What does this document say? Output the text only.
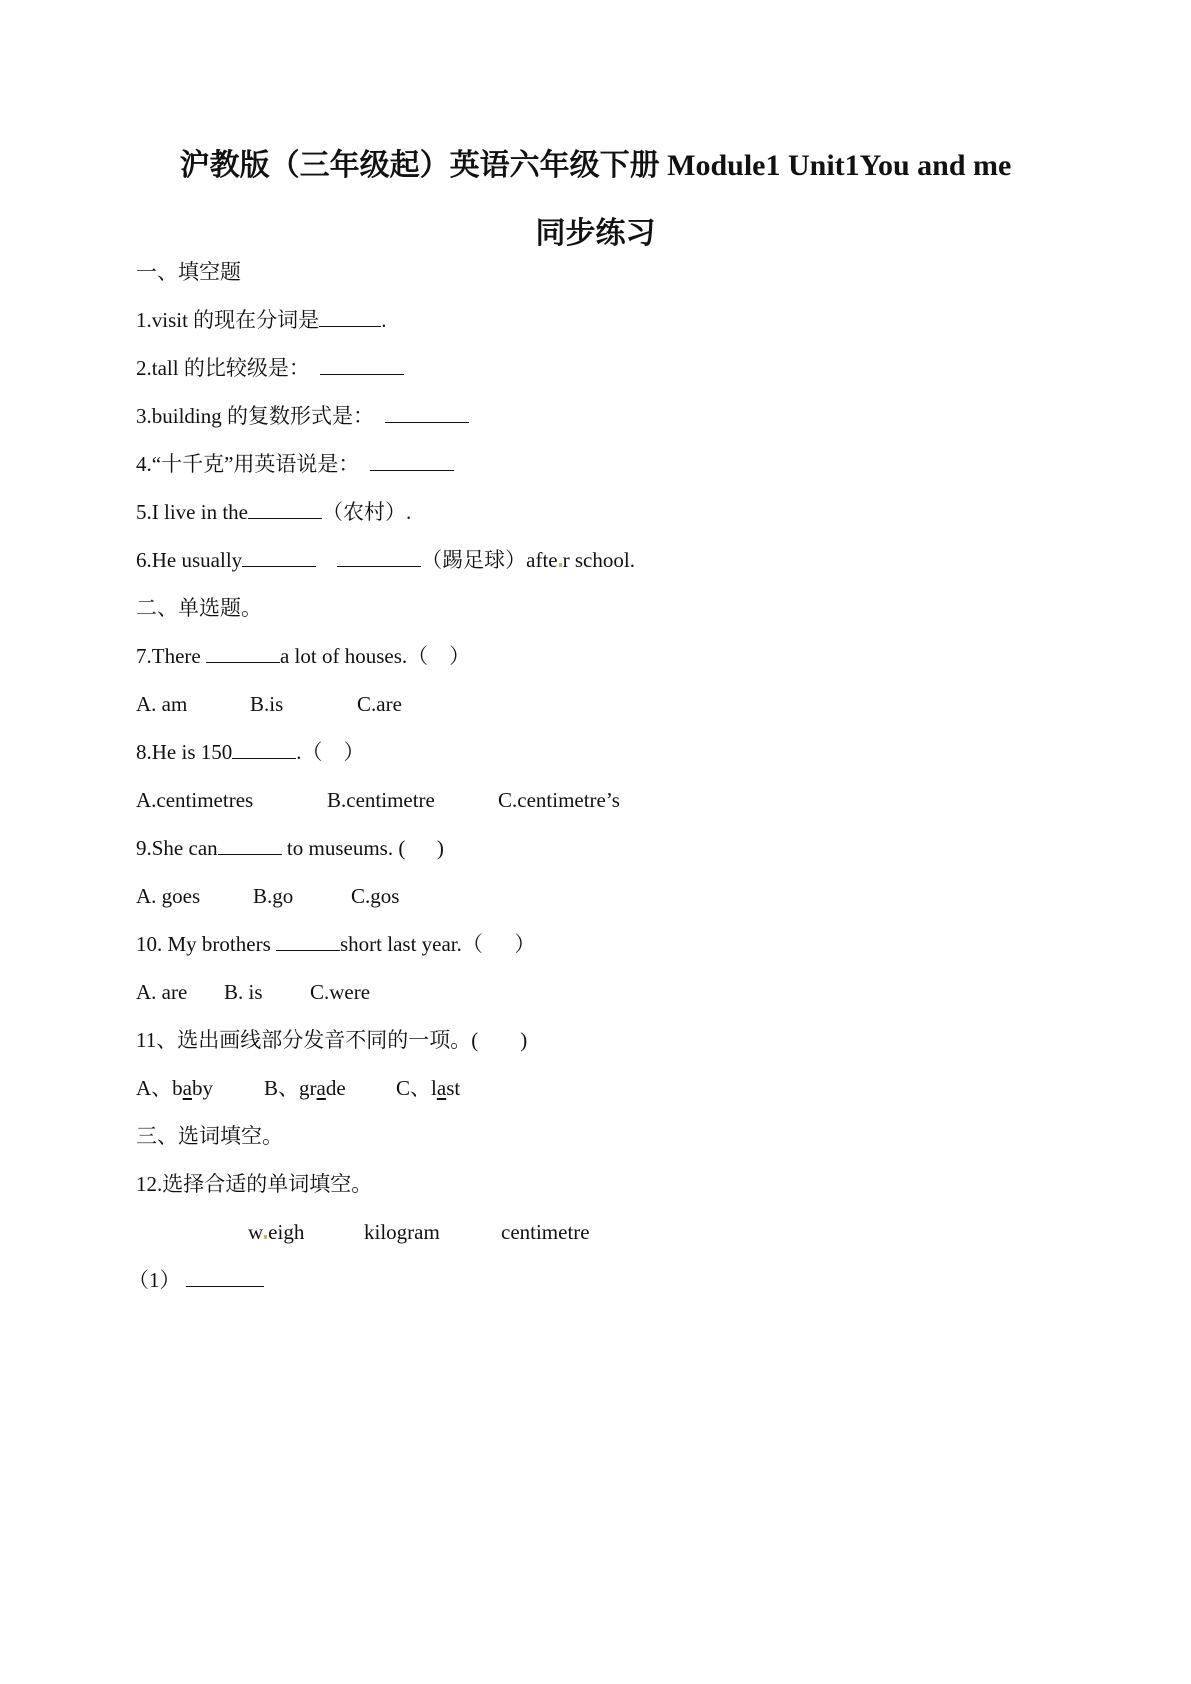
沪教版（三年级起）英语六年级下册 Module1 Unit1You and me
同步练习
一、填空题
1.visit 的现在分词是	.
2.tall 的比较级是：
3.building 的复数形式是：
4.“十千克”用英语说是：
5.I live in the	（农村）.
6.He usually	（踢足球）afte r school.
二、单选题。
7.There	a lot of houses.（    ）
A. am	B.is	C.are
8.He is 150	.（    ）
A.centimetres	B.centimetre	C.centimetre’s
9.She can	to museums. (      )
A. goes	B.go	C.gos
10. My brothers	short last year.（      ）
A. are B. is C.were
11、选出画线部分发音不同的一项。(        )
A、baby B、grade C、last
三、选词填空。
12.选择合适的单词填空。
w eigh	kilogram	centimetre
（1）
